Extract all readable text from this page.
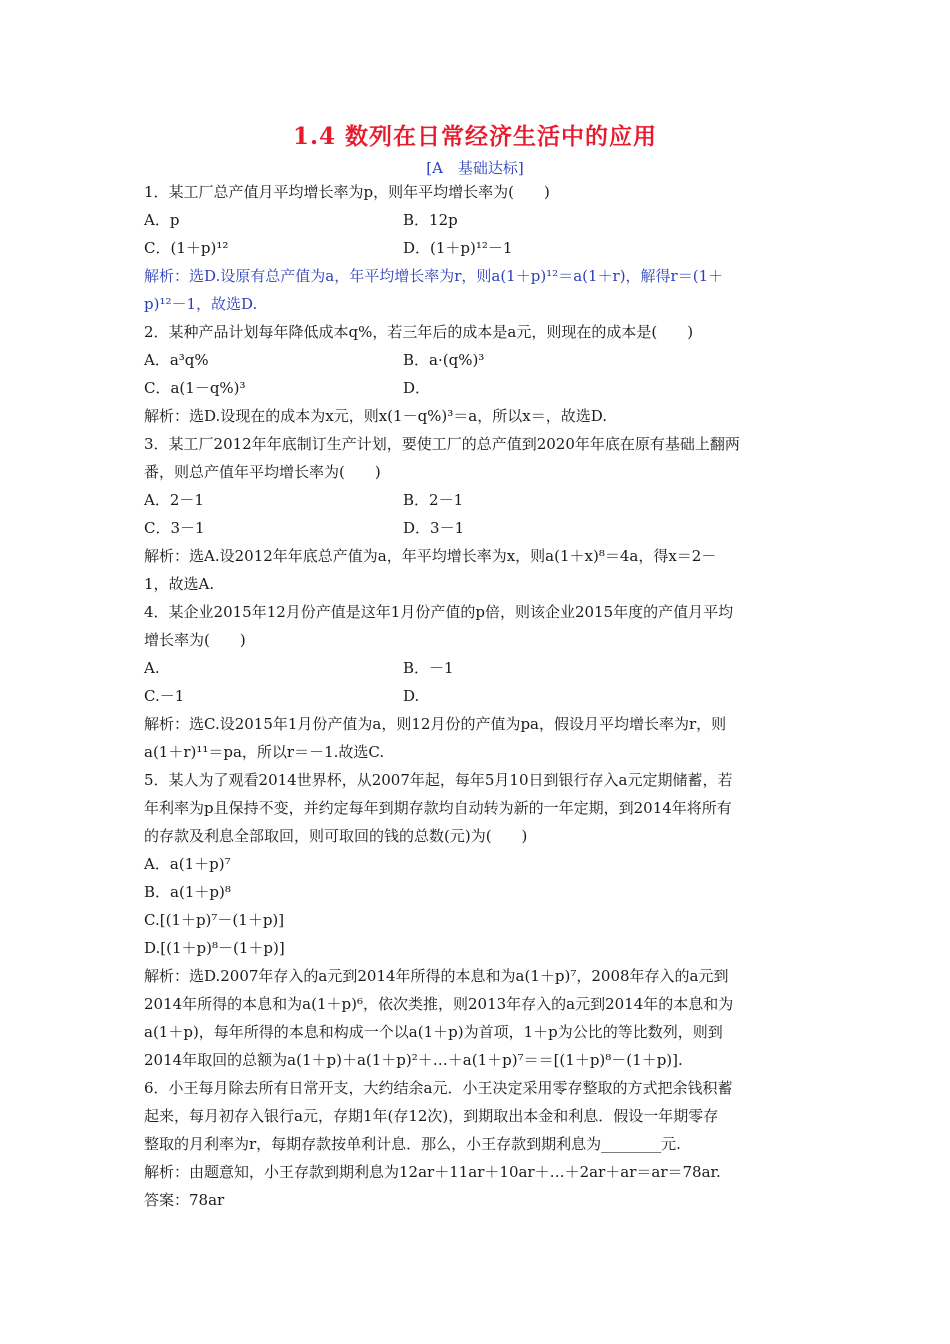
1.4 数列在日常经济生活中的应用
[A　基础达标]
1．某工厂总产值月平均增长率为p，则年平均增长率为(　　)
A．p	B．12p
C．(1＋p)¹²	D．(1＋p)¹²－1
解析：选D.设原有总产值为a，年平均增长率为r，则a(1＋p)¹²＝a(1＋r)，解得r＝(1＋
p)¹²－1，故选D.
2．某种产品计划每年降低成本q%，若三年后的成本是a元，则现在的成本是(　　)
A．a³q%	B．a·(q%)³
C．a(1－q%)³	D．
解析：选D.设现在的成本为x元，则x(1－q%)³＝a，所以x＝，故选D.
3．某工厂2012年年底制订生产计划，要使工厂的总产值到2020年年底在原有基础上翻两
番，则总产值年平均增长率为(　　)
A．2－1	B．2－1
C．3－1	D．3－1
解析：选A.设2012年年底总产值为a，年平均增长率为x，则a(1＋x)⁸＝4a，得x＝2－
1，故选A.
4．某企业2015年12月份产值是这年1月份产值的p倍，则该企业2015年度的产值月平均
增长率为(　　)
A.	B．－1
C.－1	D.
解析：选C.设2015年1月份产值为a，则12月份的产值为pa，假设月平均增长率为r，则
a(1＋r)¹¹＝pa，所以r＝－1.故选C.
5．某人为了观看2014世界杯，从2007年起，每年5月10日到银行存入a元定期储蓄，若
年利率为p且保持不变，并约定每年到期存款均自动转为新的一年定期，到2014年将所有
的存款及利息全部取回，则可取回的钱的总数(元)为(　　)
A．a(1＋p)⁷
B．a(1＋p)⁸
C.[(1＋p)⁷－(1＋p)]
D.[(1＋p)⁸－(1＋p)]
解析：选D.2007年存入的a元到2014年所得的本息和为a(1＋p)⁷，2008年存入的a元到
2014年所得的本息和为a(1＋p)⁶，依次类推，则2013年存入的a元到2014年的本息和为
a(1＋p)，每年所得的本息和构成一个以a(1＋p)为首项，1＋p为公比的等比数列，则到
2014年取回的总额为a(1＋p)＋a(1＋p)²＋…＋a(1＋p)⁷＝＝[(1＋p)⁸－(1＋p)].
6．小王每月除去所有日常开支，大约结余a元．小王决定采用零存整取的方式把余钱积蓄
起来，每月初存入银行a元，存期1年(存12次)，到期取出本金和利息．假设一年期零存
整取的月利率为r，每期存款按单利计息．那么，小王存款到期利息为________元.
解析：由题意知，小王存款到期利息为12ar＋11ar＋10ar＋…＋2ar＋ar＝ar＝78ar.
答案：78ar
